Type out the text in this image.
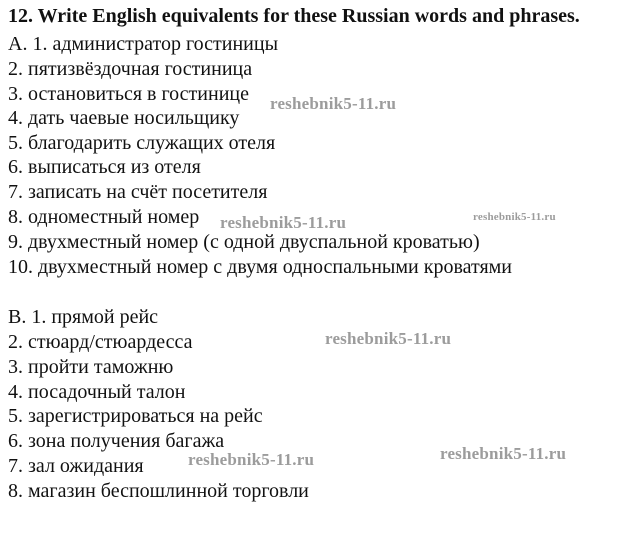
12. Write English equivalents for these Russian words and phrases.
A. 1. администратор гостиницы
2. пятизвёздочная гостиница
3. остановиться в гостинице
4. дать чаевые носильщику
5. благодарить служащих отеля
6. выписаться из отеля
7. записать на счёт посетителя
8. одноместный номер
9. двухместный номер (с одной двуспальной кроватью)
10. двухместный номер с двумя односпальными кроватями
B. 1. прямой рейс
2. стюард/стюардесса
3. пройти таможню
4. посадочный талон
5. зарегистрироваться на рейс
6. зона получения багажа
7. зал ожидания
8. магазин беспошлинной торговли
reshebnik5-11.ru
reshebnik5-11.ru	reshebnik5-11.ru
reshebnik5-11.ru
reshebnik5-11.ru	reshebnik5-11.ru
